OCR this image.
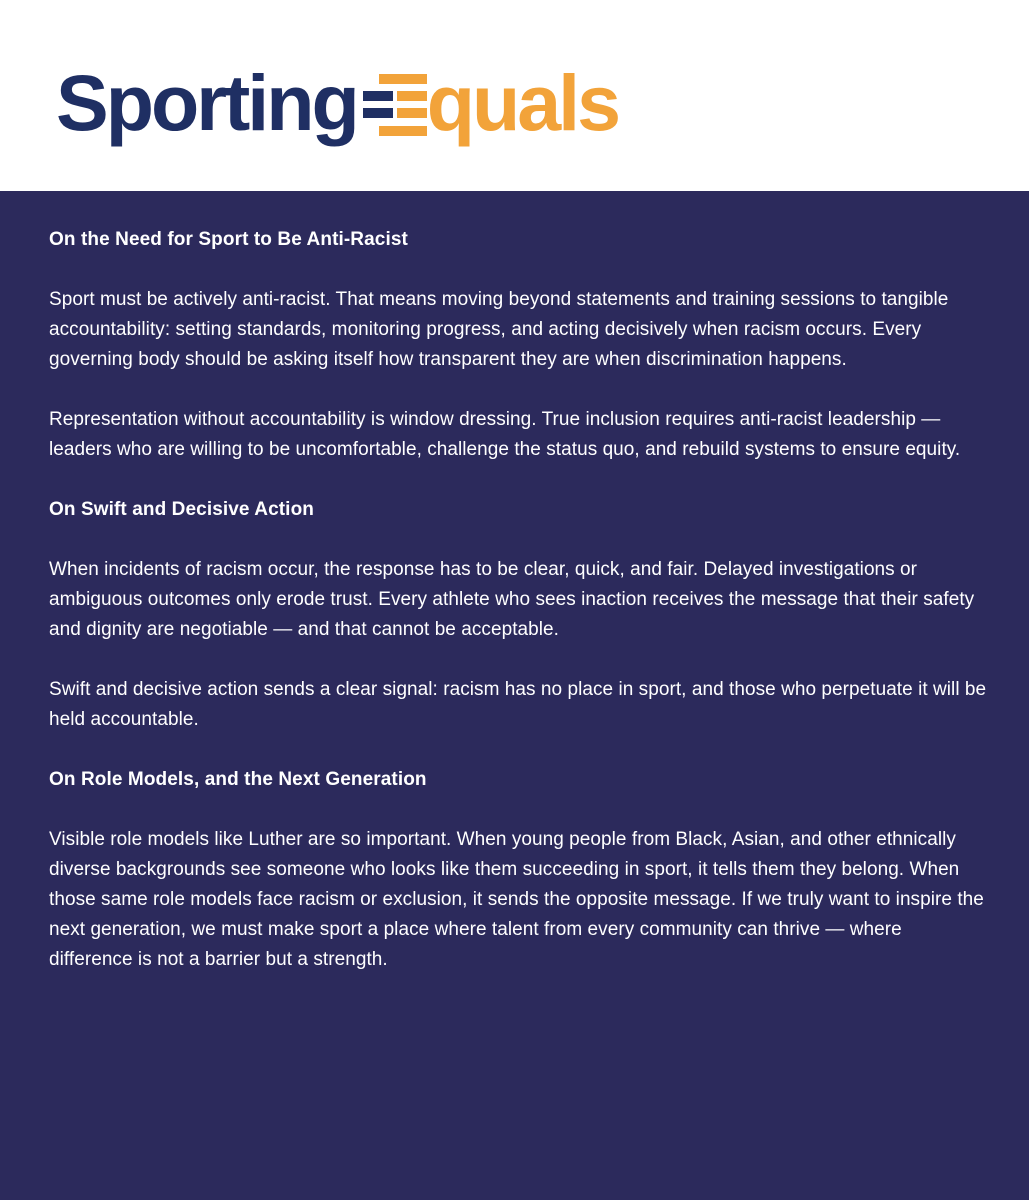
Sporting quals
On the Need for Sport to Be Anti-Racist
Sport must be actively anti-racist. That means moving beyond statements and training sessions to tangible accountability: setting standards, monitoring progress, and acting decisively when racism occurs. Every governing body should be asking itself how transparent they are when discrimination happens.
Representation without accountability is window dressing. True inclusion requires anti-racist leadership — leaders who are willing to be uncomfortable, challenge the status quo, and rebuild systems to ensure equity.
On Swift and Decisive Action
When incidents of racism occur, the response has to be clear, quick, and fair. Delayed investigations or ambiguous outcomes only erode trust. Every athlete who sees inaction receives the message that their safety and dignity are negotiable — and that cannot be acceptable.
Swift and decisive action sends a clear signal: racism has no place in sport, and those who perpetuate it will be held accountable.
On Role Models, and the Next Generation
Visible role models like Luther are so important. When young people from Black, Asian, and other ethnically diverse backgrounds see someone who looks like them succeeding in sport, it tells them they belong. When those same role models face racism or exclusion, it sends the opposite message. If we truly want to inspire the next generation, we must make sport a place where talent from every community can thrive — where difference is not a barrier but a strength.
